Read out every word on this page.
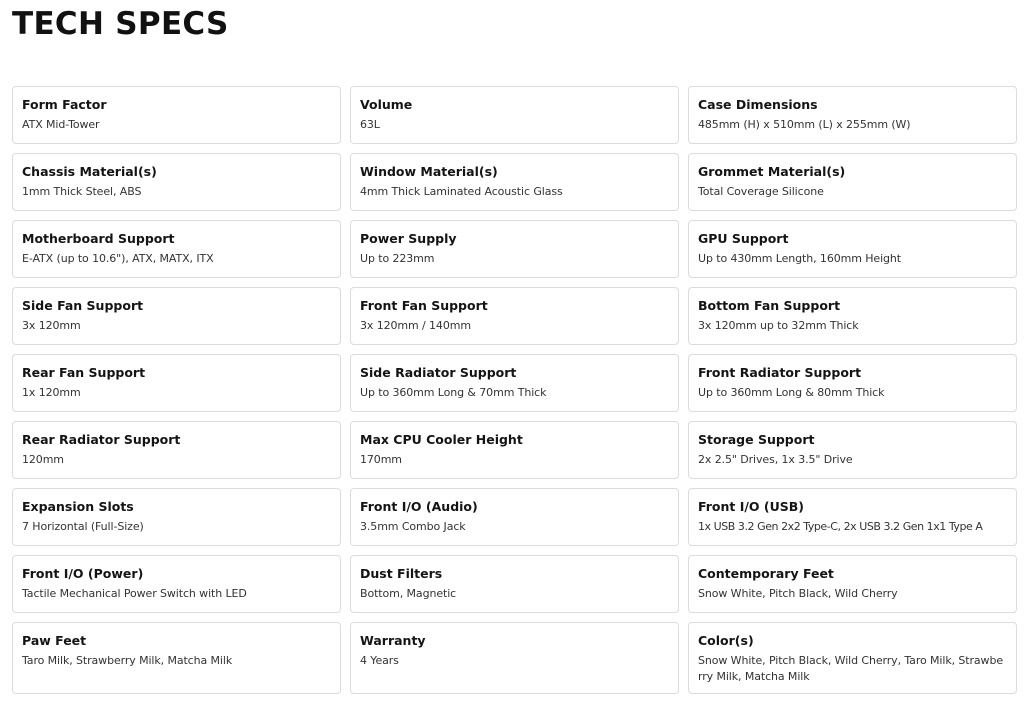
TECH SPECS
Form Factor
ATX Mid-Tower
Volume
63L
Case Dimensions
485mm (H) x 510mm (L) x 255mm (W)
Chassis Material(s)
1mm Thick Steel, ABS
Window Material(s)
4mm Thick Laminated Acoustic Glass
Grommet Material(s)
Total Coverage Silicone
Motherboard Support
E-ATX (up to 10.6"), ATX, MATX, ITX
Power Supply
Up to 223mm
GPU Support
Up to 430mm Length, 160mm Height
Side Fan Support
3x 120mm
Front Fan Support
3x 120mm / 140mm
Bottom Fan Support
3x 120mm up to 32mm Thick
Rear Fan Support
1x 120mm
Side Radiator Support
Up to 360mm Long & 70mm Thick
Front Radiator Support
Up to 360mm Long & 80mm Thick
Rear Radiator Support
120mm
Max CPU Cooler Height
170mm
Storage Support
2x 2.5" Drives, 1x 3.5" Drive
Expansion Slots
7 Horizontal (Full-Size)
Front I/O (Audio)
3.5mm Combo Jack
Front I/O (USB)
1x USB 3.2 Gen 2x2 Type-C, 2x USB 3.2 Gen 1x1 Type A
Front I/O (Power)
Tactile Mechanical Power Switch with LED
Dust Filters
Bottom, Magnetic
Contemporary Feet
Snow White, Pitch Black, Wild Cherry
Paw Feet
Taro Milk, Strawberry Milk, Matcha Milk
Warranty
4 Years
Color(s)
Snow White, Pitch Black, Wild Cherry, Taro Milk, Strawberry Milk, Matcha Milk
